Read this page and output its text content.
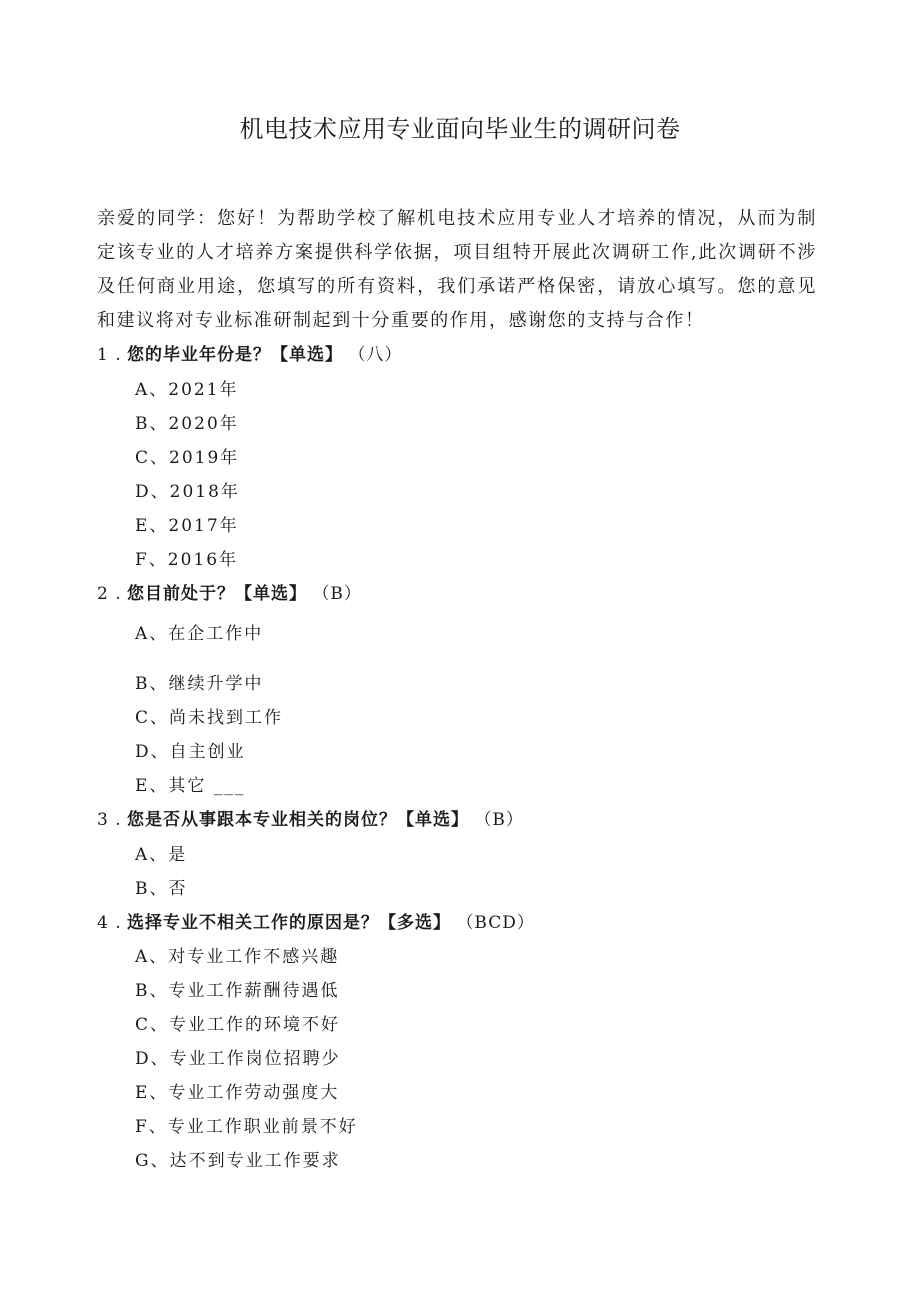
机电技术应用专业面向毕业生的调研问卷

亲爱的同学：您好！为帮助学校了解机电技术应用专业人才培养的情况，从而为制定该专业的人才培养方案提供科学依据，项目组特开展此次调研工作,此次调研不涉及任何商业用途，您填写的所有资料，我们承诺严格保密，请放心填写。您的意见和建议将对专业标准研制起到十分重要的作用，感谢您的支持与合作！

1 . 您的毕业年份是？【单选】 （八）
A、2021年
B、2020年
C、2019年
D、2018年
E、2017年
F、2016年
2 . 您目前处于？【单选】 （B）
A、在企工作中
B、继续升学中
C、尚未找到工作
D、自主创业
E、其它 ___
3 . 您是否从事跟本专业相关的岗位？【单选】 （B）
A、是
B、否
4 . 选择专业不相关工作的原因是？【多选】 （BCD）
A、对专业工作不感兴趣
B、专业工作薪酬待遇低
C、专业工作的环境不好
D、专业工作岗位招聘少
E、专业工作劳动强度大
F、专业工作职业前景不好
G、达不到专业工作要求
